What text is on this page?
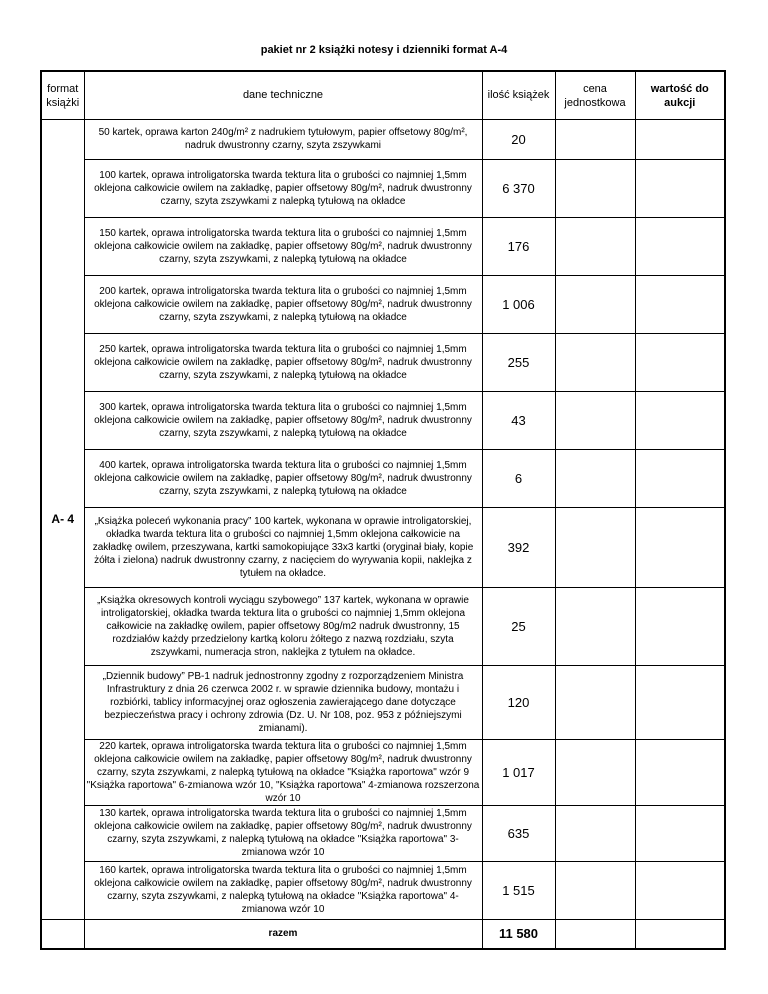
pakiet nr 2 książki notesy i dzienniki format A-4
format książki	dane techniczne	ilość książek	cena jednostkowa	wartość do aukcji
A- 4	50 kartek, oprawa karton 240g/m² z nadrukiem tytułowym, papier offsetowy 80g/m², nadruk dwustronny czarny, szyta zszywkami	20		
	100 kartek, oprawa introligatorska twarda tektura lita o grubości co najmniej 1,5mm oklejona całkowicie owilem na zakładkę, papier offsetowy 80g/m², nadruk dwustronny czarny, szyta zszywkami z nalepką tytułową na okładce	6 370		
	150 kartek, oprawa introligatorska twarda tektura lita o grubości co najmniej 1,5mm oklejona całkowicie owilem na zakładkę, papier offsetowy 80g/m², nadruk dwustronny czarny, szyta zszywkami, z nalepką tytułową na okładce	176		
	200 kartek, oprawa introligatorska twarda tektura lita o grubości co najmniej 1,5mm oklejona całkowicie owilem na zakładkę, papier offsetowy 80g/m², nadruk dwustronny czarny, szyta zszywkami, z nalepką tytułową na okładce	1 006		
	250 kartek, oprawa introligatorska twarda tektura lita o grubości co najmniej 1,5mm oklejona całkowicie owilem na zakładkę, papier offsetowy 80g/m², nadruk dwustronny czarny, szyta zszywkami, z nalepką tytułową na okładce	255		
	300 kartek, oprawa introligatorska twarda tektura lita o grubości co najmniej 1,5mm oklejona całkowicie owilem na zakładkę, papier offsetowy 80g/m², nadruk dwustronny czarny, szyta zszywkami, z nalepką tytułową na okładce	43		
	400 kartek, oprawa introligatorska twarda tektura lita o grubości co najmniej 1,5mm oklejona całkowicie owilem na zakładkę, papier offsetowy 80g/m², nadruk dwustronny czarny, szyta zszywkami, z nalepką tytułową na okładce	6		
	„Książka poleceń wykonania pracy” 100 kartek, wykonana w oprawie introligatorskiej, okładka twarda tektura lita o grubości co najmniej 1,5mm oklejona całkowicie na zakładkę owilem, przeszywana, kartki samokopiujące 33x3 kartki (oryginał biały, kopie żółta i zielona) nadruk dwustronny czarny, z nacięciem do wyrywania kopii, naklejka z tytułem na okładce.	392		
	„Książka okresowych kontroli wyciągu szybowego” 137 kartek, wykonana w oprawie introligatorskiej, okładka twarda tektura lita o grubości co najmniej 1,5mm oklejona całkowicie na zakładkę owilem, papier offsetowy 80g/m2 nadruk dwustronny, 15 rozdziałów każdy przedzielony kartką koloru żółtego z nazwą rozdziału, szyta zszywkami, numeracja stron, naklejka z tytułem na okładce.	25		
	„Dziennik budowy” PB-1 nadruk jednostronny zgodny z rozporządzeniem Ministra Infrastruktury z dnia 26 czerwca 2002 r. w sprawie dziennika budowy, montażu i rozbiórki, tablicy informacyjnej oraz ogłoszenia zawierającego dane dotyczące bezpieczeństwa pracy i ochrony zdrowia (Dz. U. Nr 108, poz. 953 z późniejszymi zmianami).	120		
	220 kartek, oprawa introligatorska twarda tektura lita o grubości co najmniej 1,5mm oklejona całkowicie owilem na zakładkę, papier offsetowy 80g/m², nadruk dwustronny czarny, szyta zszywkami, z nalepką tytułową na okładce "Książka raportowa" wzór 9 "Książka raportowa" 6-zmianowa wzór 10, "Książka raportowa" 4-zmianowa rozszerzona wzór 10	1 017		
	130 kartek, oprawa introligatorska twarda tektura lita o grubości co najmniej 1,5mm oklejona całkowicie owilem na zakładkę, papier offsetowy 80g/m², nadruk dwustronny czarny, szyta zszywkami, z nalepką tytułową na okładce "Książka raportowa" 3-zmianowa wzór 10	635		
	160 kartek, oprawa introligatorska twarda tektura lita o grubości co najmniej 1,5mm oklejona całkowicie owilem na zakładkę, papier offsetowy 80g/m², nadruk dwustronny czarny, szyta zszywkami, z nalepką tytułową na okładce "Książka raportowa" 4-zmianowa wzór 10	1 515		
	razem	11 580		
